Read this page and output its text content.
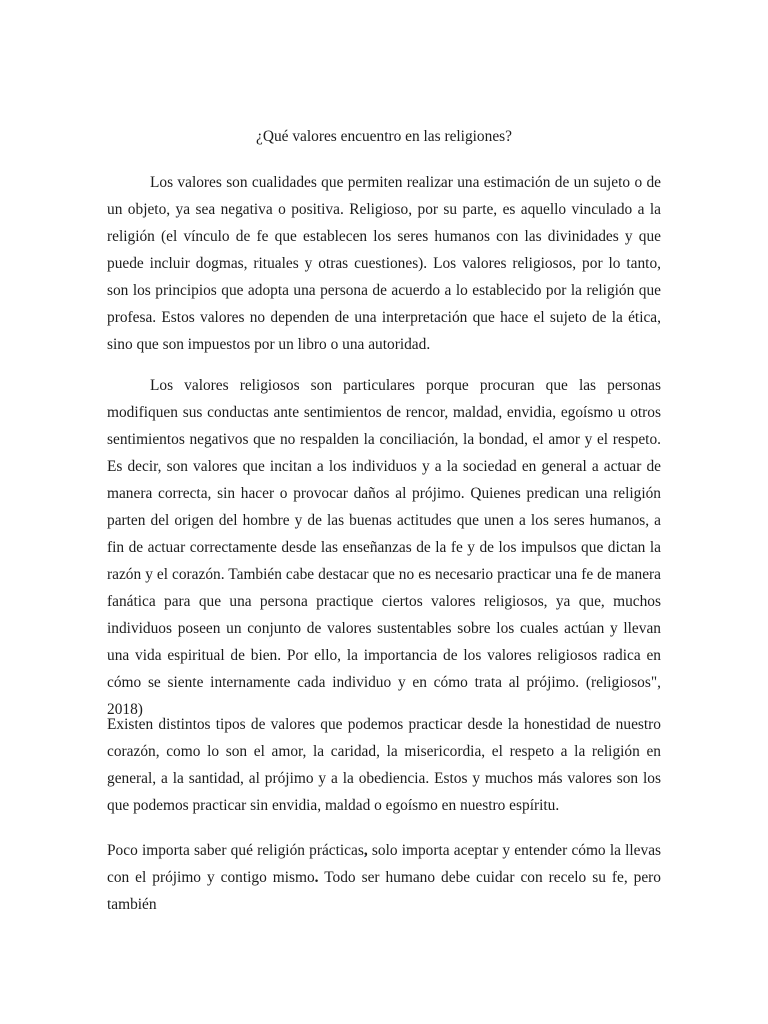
¿Qué valores encuentro en las religiones?

Los valores son cualidades que permiten realizar una estimación de un sujeto o de un objeto, ya sea negativa o positiva. Religioso, por su parte, es aquello vinculado a la religión (el vínculo de fe que establecen los seres humanos con las divinidades y que puede incluir dogmas, rituales y otras cuestiones). Los valores religiosos, por lo tanto, son los principios que adopta una persona de acuerdo a lo establecido por la religión que profesa. Estos valores no dependen de una interpretación que hace el sujeto de la ética, sino que son impuestos por un libro o una autoridad.

Los valores religiosos son particulares porque procuran que las personas modifiquen sus conductas ante sentimientos de rencor, maldad, envidia, egoísmo u otros sentimientos negativos que no respalden la conciliación, la bondad, el amor y el respeto. Es decir, son valores que incitan a los individuos y a la sociedad en general a actuar de manera correcta, sin hacer o provocar daños al prójimo. Quienes predican una religión parten del origen del hombre y de las buenas actitudes que unen a los seres humanos, a fin de actuar correctamente desde las enseñanzas de la fe y de los impulsos que dictan la razón y el corazón. También cabe destacar que no es necesario practicar una fe de manera fanática para que una persona practique ciertos valores religiosos, ya que, muchos individuos poseen un conjunto de valores sustentables sobre los cuales actúan y llevan una vida espiritual de bien. Por ello, la importancia de los valores religiosos radica en cómo se siente internamente cada individuo y en cómo trata al prójimo. (religiosos", 2018)

Existen distintos tipos de valores que podemos practicar desde la honestidad de nuestro corazón, como lo son el amor, la caridad, la misericordia, el respeto a la religión en general, a la santidad, al prójimo y a la obediencia. Estos y muchos más valores son los que podemos practicar sin envidia, maldad o egoísmo en nuestro espíritu.

Poco importa saber qué religión prácticas, solo importa aceptar y entender cómo la llevas con el prójimo y contigo mismo. Todo ser humano debe cuidar con recelo su fe, pero también
